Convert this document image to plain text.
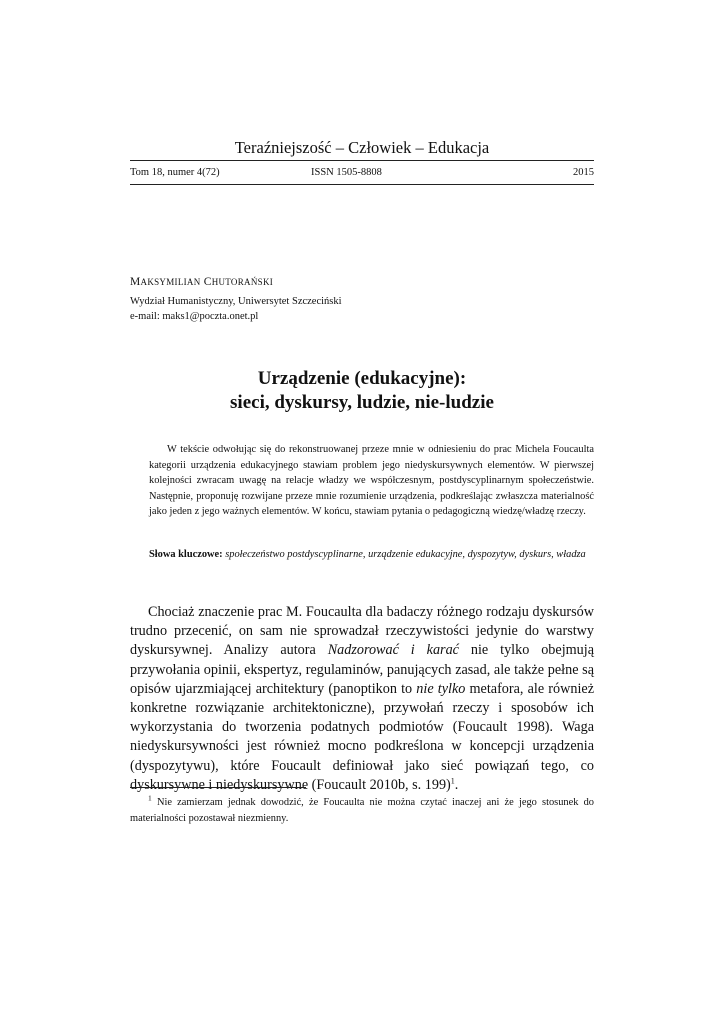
Teraźniejszość – Człowiek – Edukacja
Tom 18, numer 4(72)	ISSN 1505-8808	2015
MAKSYMILIAN CHUTORAŃSKI
Wydział Humanistyczny, Uniwersytet Szczeciński
e-mail: maks1@poczta.onet.pl
Urządzenie (edukacyjne):
sieci, dyskursy, ludzie, nie-ludzie

W tekście odwołując się do rekonstruowanej przeze mnie w odniesieniu do prac Michela Foucaulta kategorii urządzenia edukacyjnego stawiam problem jego niedyskursywnych elementów. W pierwszej kolejności zwracam uwagę na relacje władzy we współczesnym, postdyscyplinarnym społeczeństwie. Następnie, proponuję rozwijane przeze mnie rozumienie urządzenia, podkreślając zwłaszcza materialność jako jeden z jego ważnych elementów. W końcu, stawiam pytania o pedagogiczną wiedzę/władzę rzeczy.

Słowa kluczowe: społeczeństwo postdyscyplinarne, urządzenie edukacyjne, dyspozytyw, dyskurs, władza

Chociaż znaczenie prac M. Foucaulta dla badaczy różnego rodzaju dyskursów trudno przecenić, on sam nie sprowadzał rzeczywistości jedynie do warstwy dyskursywnej. Analizy autora Nadzorować i karać nie tylko obejmują przywołania opinii, ekspertyz, regulaminów, panujących zasad, ale także pełne są opisów ujarzmiającej architektury (panoptikon to nie tylko metafora, ale również konkretne rozwiązanie architektoniczne), przywołań rzeczy i sposobów ich wykorzystania do tworzenia podatnych podmiotów (Foucault 1998). Waga niedyskursywności jest również mocno podkreślona w koncepcji urządzenia (dyspozytywu), które Foucault definiował jako sieć powiązań tego, co dyskursywne i niedyskursywne (Foucault 2010b, s. 199)$^1$.

$^1$ Nie zamierzam jednak dowodzić, że Foucaulta nie można czytać inaczej ani że jego stosunek do materialności pozostawał niezmienny.
